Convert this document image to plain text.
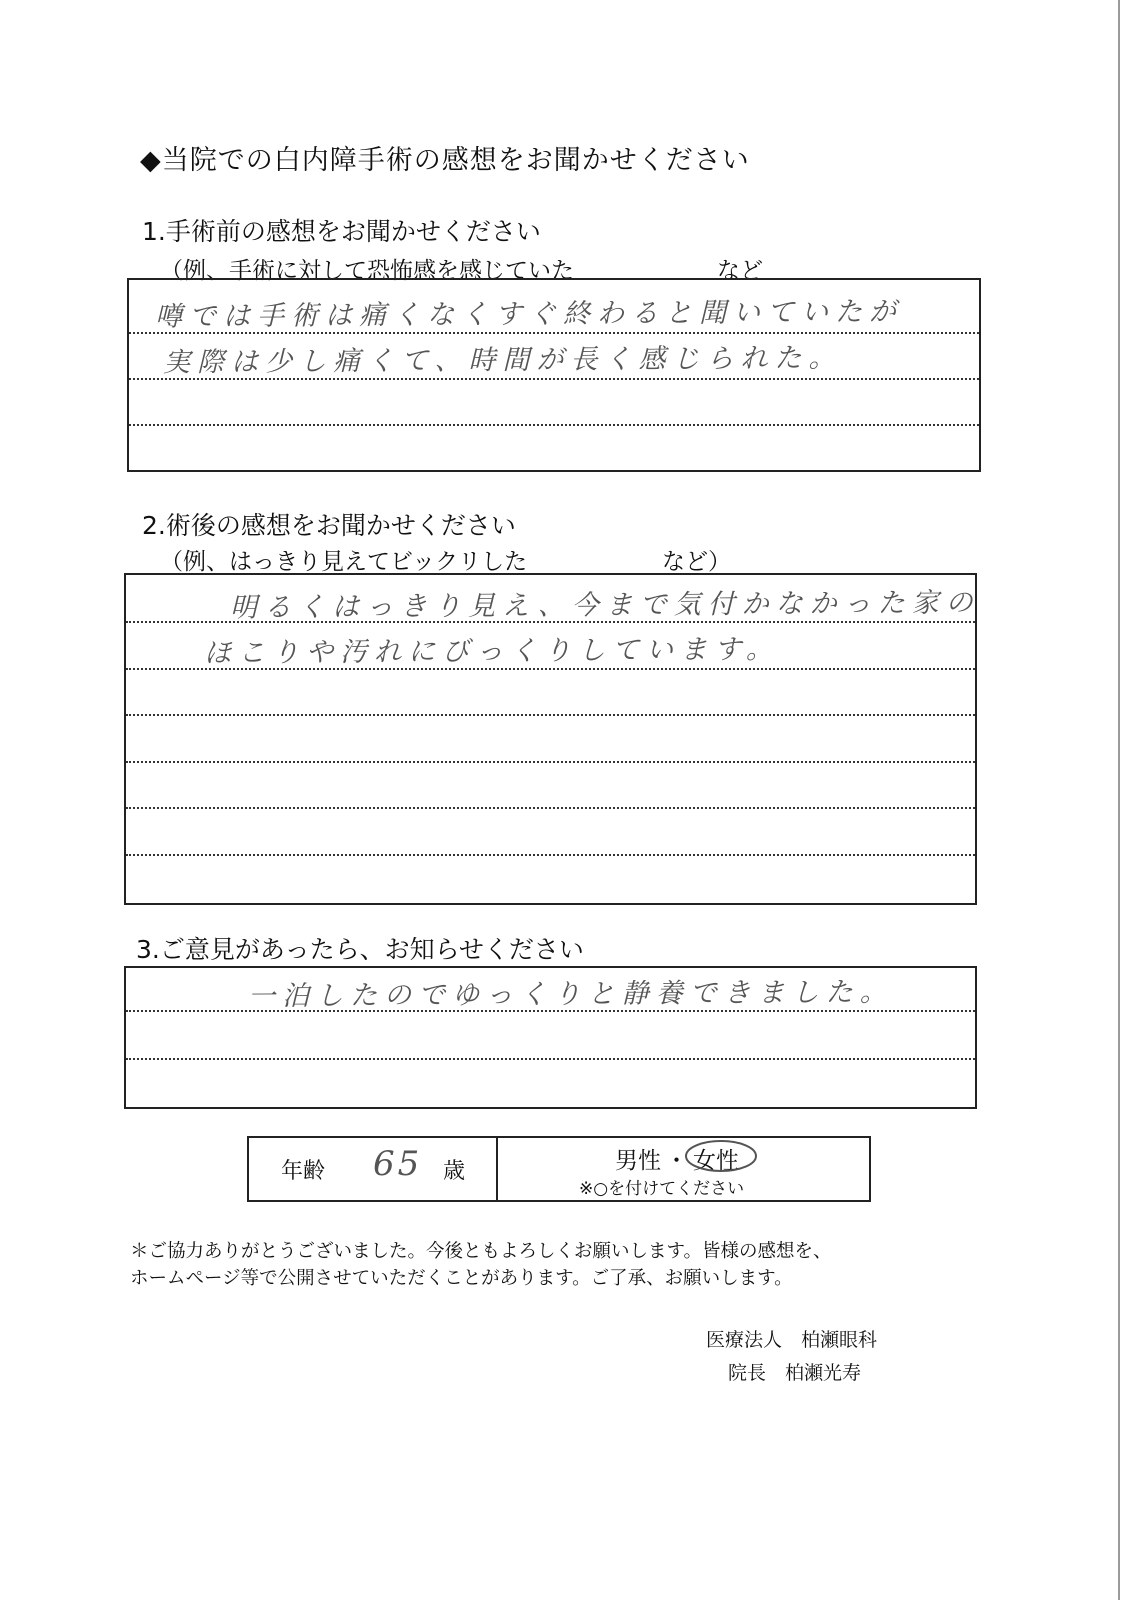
◆当院での白内障手術の感想をお聞かせください
1.手術前の感想をお聞かせください
（例、手術に対して恐怖感を感じていた	など
噂では手術は痛くなくすぐ終わると聞いていたが
実際は少し痛くて、時間が長く感じられた。
2.術後の感想をお聞かせください
（例、はっきり見えてビックリした	など）
明るくはっきり見え、今まで気付かなかった家の
ほこりや汚れにびっくりしています。
3.ご意見があったら、お知らせください
一泊したのでゆっくりと静養できました。
年齢 65 歳	男性 ・ 女性
※○を付けてください
＊ご協力ありがとうございました。今後ともよろしくお願いします。皆様の感想を、
ホームページ等で公開させていただくことがあります。ご了承、お願いします。
医療法人　柏瀬眼科
院長　柏瀬光寿
